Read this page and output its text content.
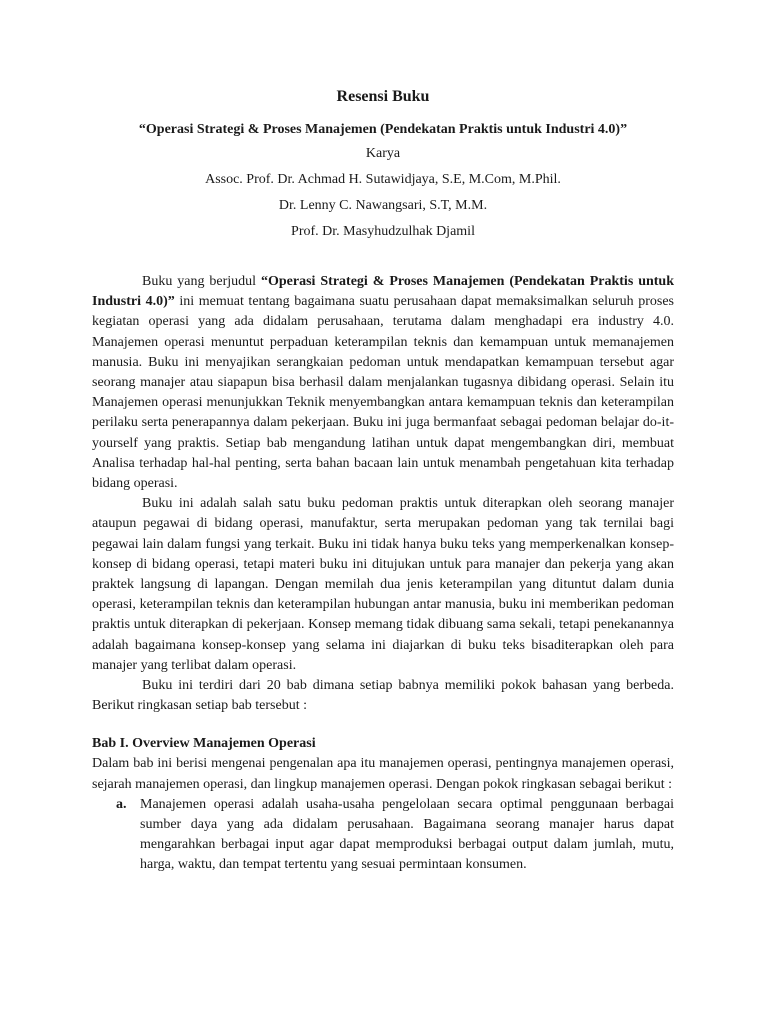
Resensi Buku

“Operasi Strategi & Proses Manajemen (Pendekatan Praktis untuk Industri 4.0)”

Karya

Assoc. Prof. Dr. Achmad H. Sutawidjaya, S.E, M.Com, M.Phil.

Dr. Lenny C. Nawangsari, S.T, M.M.

Prof. Dr. Masyhudzulhak Djamil

Buku yang berjudul “Operasi Strategi & Proses Manajemen (Pendekatan Praktis untuk Industri 4.0)” ini memuat tentang bagaimana suatu perusahaan dapat memaksimalkan seluruh proses kegiatan operasi yang ada didalam perusahaan, terutama dalam menghadapi era industry 4.0. Manajemen operasi menuntut perpaduan keterampilan teknis dan kemampuan untuk memanajemen manusia. Buku ini menyajikan serangkaian pedoman untuk mendapatkan kemampuan tersebut agar seorang manajer atau siapapun bisa berhasil dalam menjalankan tugasnya dibidang operasi. Selain itu Manajemen operasi menunjukkan Teknik menyembangkan antara kemampuan teknis dan keterampilan perilaku serta penerapannya dalam pekerjaan. Buku ini juga bermanfaat sebagai pedoman belajar do-it-yourself yang praktis. Setiap bab mengandung latihan untuk dapat mengembangkan diri, membuat Analisa terhadap hal-hal penting, serta bahan bacaan lain untuk menambah pengetahuan kita terhadap bidang operasi.

Buku ini adalah salah satu buku pedoman praktis untuk diterapkan oleh seorang manajer ataupun pegawai di bidang operasi, manufaktur, serta merupakan pedoman yang tak ternilai bagi pegawai lain dalam fungsi yang terkait. Buku ini tidak hanya buku teks yang memperkenalkan konsep-konsep di bidang operasi, tetapi materi buku ini ditujukan untuk para manajer dan pekerja yang akan praktek langsung di lapangan. Dengan memilah dua jenis keterampilan yang dituntut dalam dunia operasi, keterampilan teknis dan keterampilan hubungan antar manusia, buku ini memberikan pedoman praktis untuk diterapkan di pekerjaan. Konsep memang tidak dibuang sama sekali, tetapi penekanannya adalah bagaimana konsep-konsep yang selama ini diajarkan di buku teks bisaditerapkan oleh para manajer yang terlibat dalam operasi.

Buku ini terdiri dari 20 bab dimana setiap babnya memiliki pokok bahasan yang berbeda. Berikut ringkasan setiap bab tersebut :

Bab I. Overview Manajemen Operasi

Dalam bab ini berisi mengenai pengenalan apa itu manajemen operasi, pentingnya manajemen operasi, sejarah manajemen operasi, dan lingkup manajemen operasi. Dengan pokok ringkasan sebagai berikut :

a. Manajemen operasi adalah usaha-usaha pengelolaan secara optimal penggunaan berbagai sumber daya yang ada didalam perusahaan. Bagaimana seorang manajer harus dapat mengarahkan berbagai input agar dapat memproduksi berbagai output dalam jumlah, mutu, harga, waktu, dan tempat tertentu yang sesuai permintaan konsumen.
